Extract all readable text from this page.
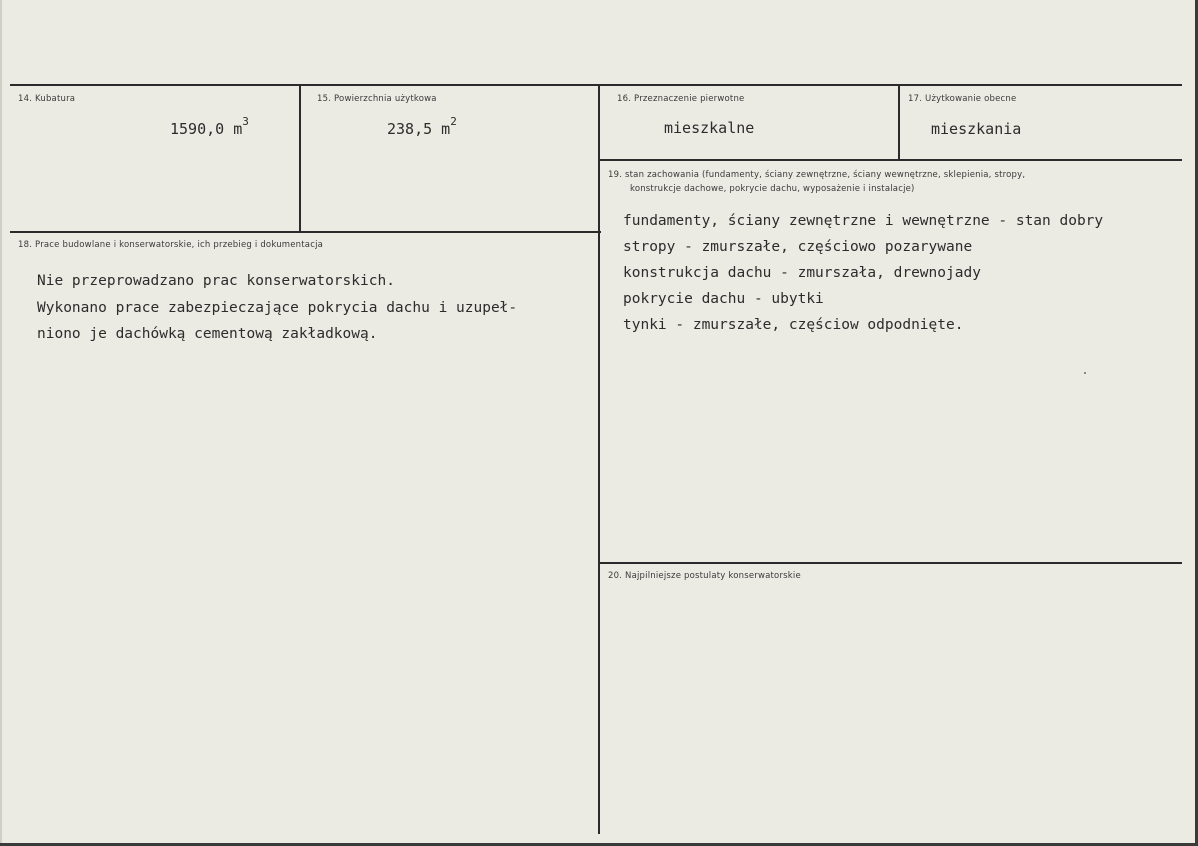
14. Kubatura
1590,0 $m^3$
15. Powierzchnia użytkowa
238,5 $m^2$
16. Przeznaczenie pierwotne
mieszkalne
17. Użytkowanie obecne
mieszkania
18. Prace budowlane i konserwatorskie, ich przebieg i dokumentacja
Nie przeprowadzano prac konserwatorskich.
Wykonano prace zabezpieczające pokrycia dachu i uzupeł-
niono je dachówką cementową zakładkową.
19. stan zachowania (fundamenty, ściany zewnętrzne, ściany wewnętrzne, sklepienia, stropy,
konstrukcje dachowe, pokrycie dachu, wyposażenie i instalacje)
fundamenty, ściany zewnętrzne i wewnętrzne - stan dobry
stropy - zmurszałe, częściowo pozarywane
konstrukcja dachu - zmurszała, drewnojady
pokrycie dachu - ubytki
tynki - zmurszałe, częściow odpodnięte.
20. Najpilniejsze postulaty konserwatorskie
